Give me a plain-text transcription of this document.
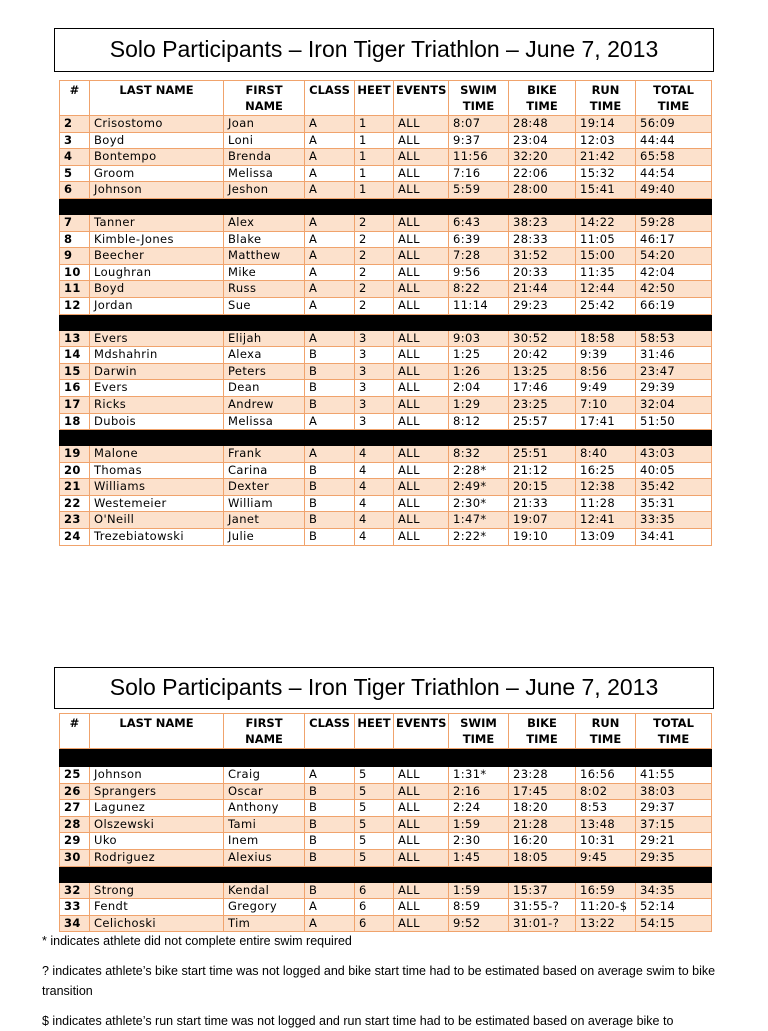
Solo Participants – Iron Tiger Triathlon – June 7, 2013
#	LAST NAME	FIRST NAME	CLASS	HEET	EVENTS	SWIM TIME	BIKE TIME	RUN TIME	TOTAL TIME
2	Crisostomo	Joan	A	1	ALL	8:07	28:48	19:14	56:09
3	Boyd	Loni	A	1	ALL	9:37	23:04	12:03	44:44
4	Bontempo	Brenda	A	1	ALL	11:56	32:20	21:42	65:58
5	Groom	Melissa	A	1	ALL	7:16	22:06	15:32	44:54
6	Johnson	Jeshon	A	1	ALL	5:59	28:00	15:41	49:40

7	Tanner	Alex	A	2	ALL	6:43	38:23	14:22	59:28
8	Kimble-Jones	Blake	A	2	ALL	6:39	28:33	11:05	46:17
9	Beecher	Matthew	A	2	ALL	7:28	31:52	15:00	54:20
10	Loughran	Mike	A	2	ALL	9:56	20:33	11:35	42:04
11	Boyd	Russ	A	2	ALL	8:22	21:44	12:44	42:50
12	Jordan	Sue	A	2	ALL	11:14	29:23	25:42	66:19

13	Evers	Elijah	A	3	ALL	9:03	30:52	18:58	58:53
14	Mdshahrin	Alexa	B	3	ALL	1:25	20:42	9:39	31:46
15	Darwin	Peters	B	3	ALL	1:26	13:25	8:56	23:47
16	Evers	Dean	B	3	ALL	2:04	17:46	9:49	29:39
17	Ricks	Andrew	B	3	ALL	1:29	23:25	7:10	32:04
18	Dubois	Melissa	A	3	ALL	8:12	25:57	17:41	51:50

19	Malone	Frank	A	4	ALL	8:32	25:51	8:40	43:03
20	Thomas	Carina	B	4	ALL	2:28*	21:12	16:25	40:05
21	Williams	Dexter	B	4	ALL	2:49*	20:15	12:38	35:42
22	Westemeier	William	B	4	ALL	2:30*	21:33	11:28	35:31
23	O'Neill	Janet	B	4	ALL	1:47*	19:07	12:41	33:35
24	Trezebiatowski	Julie	B	4	ALL	2:22*	19:10	13:09	34:41
Solo Participants – Iron Tiger Triathlon – June 7, 2013

#	LAST NAME	FIRST NAME	CLASS	HEET	EVENTS	SWIM TIME	BIKE TIME	RUN TIME	TOTAL TIME
25	Johnson	Craig	A	5	ALL	1:31*	23:28	16:56	41:55
26	Sprangers	Oscar	B	5	ALL	2:16	17:45	8:02	38:03
27	Lagunez	Anthony	B	5	ALL	2:24	18:20	8:53	29:37
28	Olszewski	Tami	B	5	ALL	1:59	21:28	13:48	37:15
29	Uko	Inem	B	5	ALL	2:30	16:20	10:31	29:21
30	Rodriguez	Alexius	B	5	ALL	1:45	18:05	9:45	29:35

32	Strong	Kendal	B	6	ALL	1:59	15:37	16:59	34:35
33	Fendt	Gregory	A	6	ALL	8:59	31:55-?	11:20-$	52:14
34	Celichoski	Tim	A	6	ALL	9:52	31:01-?	13:22	54:15

* indicates athlete did not complete entire swim required

? indicates athlete’s bike start time was not logged and bike start time had to be estimated based on average swim to bike transition

$ indicates athlete’s run start time was not logged and run start time had to be estimated based on average bike to
